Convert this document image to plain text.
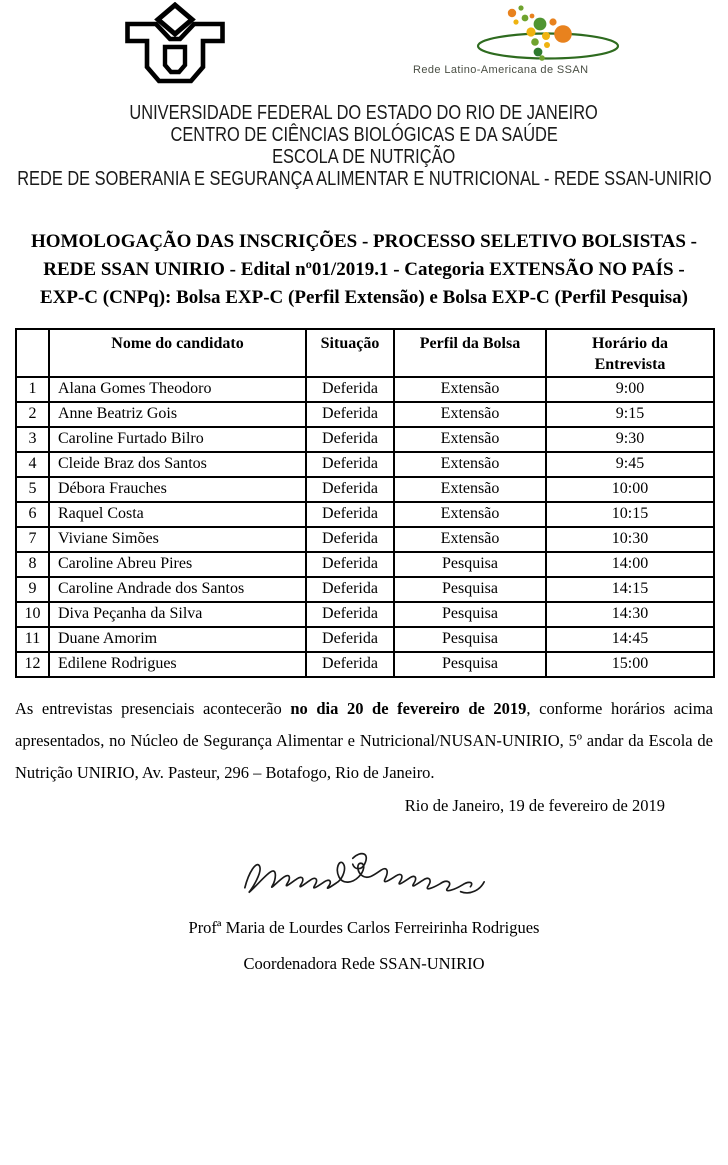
Rede Latino-Americana de SSAN
UNIVERSIDADE FEDERAL DO ESTADO DO RIO DE JANEIRO
CENTRO DE CIÊNCIAS BIOLÓGICAS E DA SAÚDE
ESCOLA DE NUTRIÇÃO
REDE DE SOBERANIA E SEGURANÇA ALIMENTAR E NUTRICIONAL - REDE SSAN-UNIRIO
HOMOLOGAÇÃO DAS INSCRIÇÕES - PROCESSO SELETIVO BOLSISTAS -
REDE SSAN UNIRIO - Edital nº01/2019.1 - Categoria EXTENSÃO NO PAÍS -
EXP-C (CNPq): Bolsa EXP-C (Perfil Extensão) e Bolsa EXP-C (Perfil Pesquisa)
	Nome do candidato	Situação	Perfil da Bolsa	Horário da Entrevista
1	Alana Gomes Theodoro	Deferida	Extensão	9:00
2	Anne Beatriz Gois	Deferida	Extensão	9:15
3	Caroline Furtado Bilro	Deferida	Extensão	9:30
4	Cleide Braz dos Santos	Deferida	Extensão	9:45
5	Débora Frauches	Deferida	Extensão	10:00
6	Raquel Costa	Deferida	Extensão	10:15
7	Viviane Simões	Deferida	Extensão	10:30
8	Caroline Abreu Pires	Deferida	Pesquisa	14:00
9	Caroline Andrade dos Santos	Deferida	Pesquisa	14:15
10	Diva Peçanha da Silva	Deferida	Pesquisa	14:30
11	Duane Amorim	Deferida	Pesquisa	14:45
12	Edilene Rodrigues	Deferida	Pesquisa	15:00

As entrevistas presenciais acontecerão no dia 20 de fevereiro de 2019, conforme horários acima apresentados, no Núcleo de Segurança Alimentar e Nutricional/NUSAN-UNIRIO, 5º andar da Escola de Nutrição UNIRIO, Av. Pasteur, 296 – Botafogo, Rio de Janeiro.

Rio de Janeiro, 19 de fevereiro de 2019

Profª Maria de Lourdes Carlos Ferreirinha Rodrigues
Coordenadora Rede SSAN-UNIRIO
